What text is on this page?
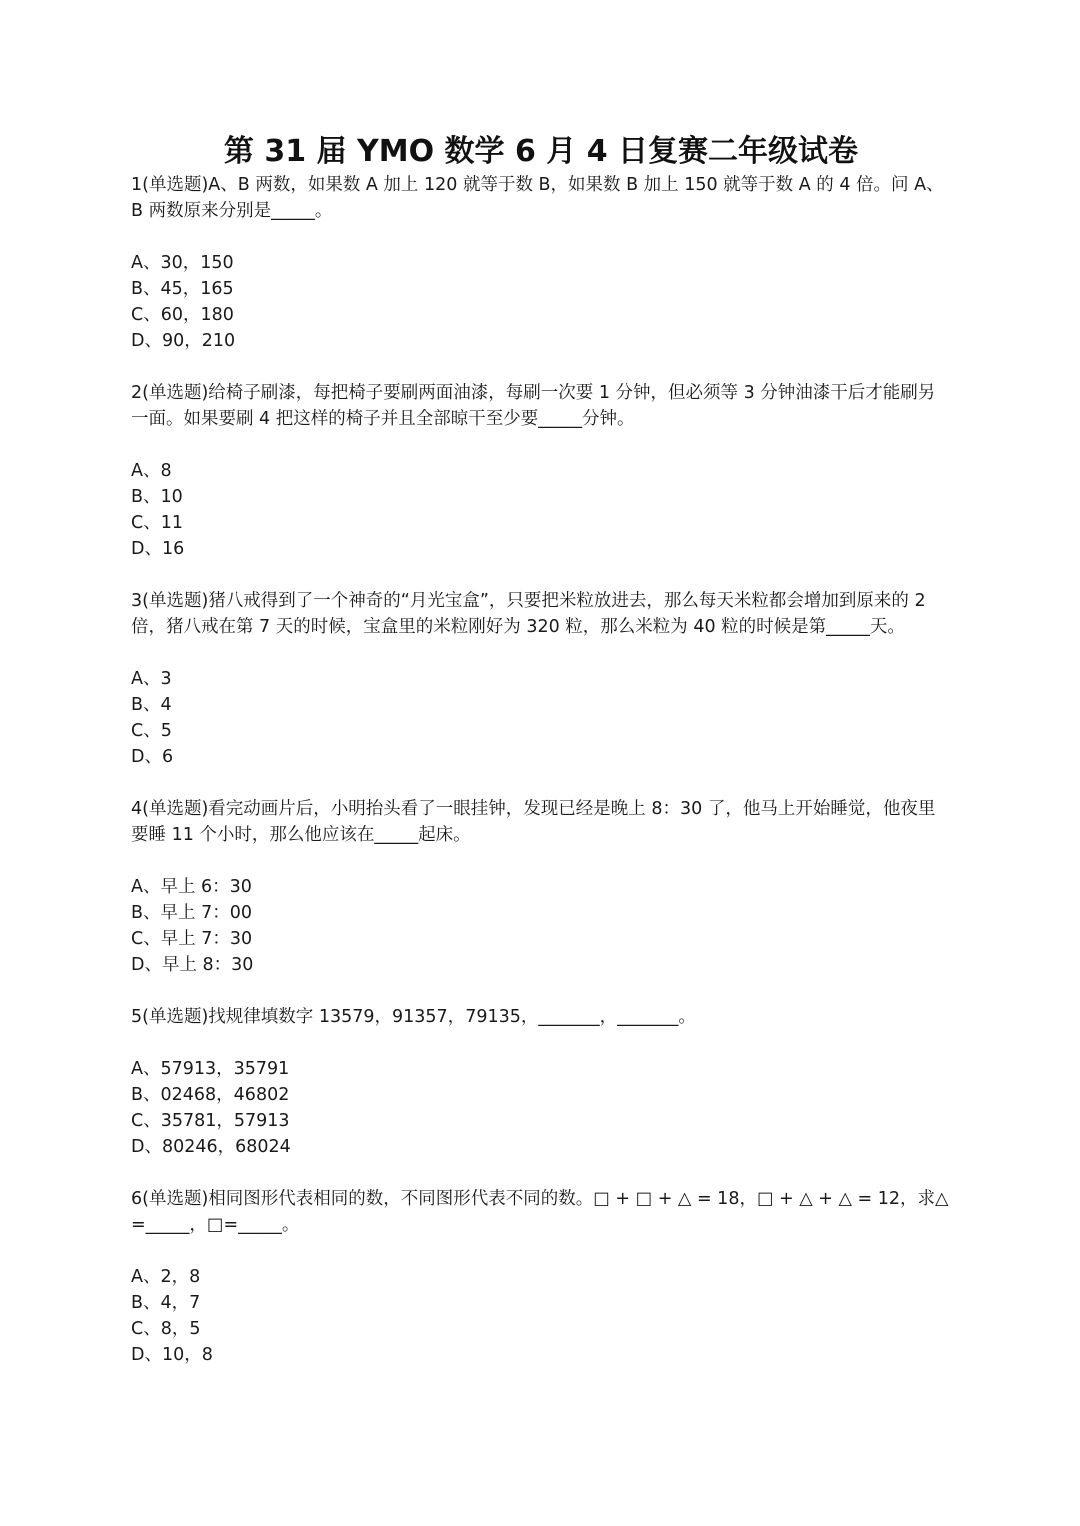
第 31 届 YMO 数学 6 月 4 日复赛二年级试卷

1(单选题)A、B 两数，如果数 A 加上 120 就等于数 B，如果数 B 加上 150 就等于数 A 的 4 倍。问 A、B 两数原来分别是_____。

A、30，150

B、45，165

C、60，180

D、90，210

2(单选题)给椅子刷漆，每把椅子要刷两面油漆，每刷一次要 1 分钟，但必须等 3 分钟油漆干后才能刷另一面。如果要刷 4 把这样的椅子并且全部晾干至少要_____分钟。

A、8

B、10

C、11

D、16

3(单选题)猪八戒得到了一个神奇的“月光宝盒”，只要把米粒放进去，那么每天米粒都会增加到原来的 2 倍，猪八戒在第 7 天的时候，宝盒里的米粒刚好为 320 粒，那么米粒为 40 粒的时候是第_____天。

A、3

B、4

C、5

D、6

4(单选题)看完动画片后，小明抬头看了一眼挂钟，发现已经是晚上 8：30 了，他马上开始睡觉，他夜里要睡 11 个小时，那么他应该在_____起床。

A、早上 6：30

B、早上 7：00

C、早上 7：30

D、早上 8：30

5(单选题)找规律填数字 13579，91357，79135，_______，_______。

A、57913，35791

B、02468，46802

C、35781，57913

D、80246，68024

6(单选题)相同图形代表相同的数，不同图形代表不同的数。□ + □ + △ = 18，□ + △ + △ = 12，求△=_____，□=_____。

A、2，8

B、4，7

C、8，5

D、10，8
